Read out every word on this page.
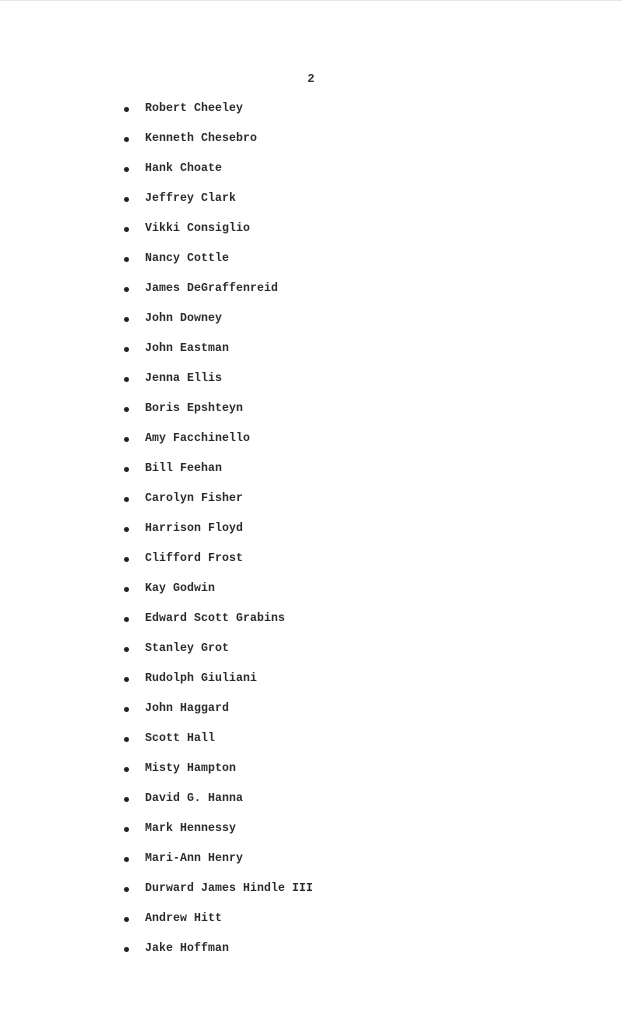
2
Robert Cheeley
Kenneth Chesebro
Hank Choate
Jeffrey Clark
Vikki Consiglio
Nancy Cottle
James DeGraffenreid
John Downey
John Eastman
Jenna Ellis
Boris Epshteyn
Amy Facchinello
Bill Feehan
Carolyn Fisher
Harrison Floyd
Clifford Frost
Kay Godwin
Edward Scott Grabins
Stanley Grot
Rudolph Giuliani
John Haggard
Scott Hall
Misty Hampton
David G. Hanna
Mark Hennessy
Mari-Ann Henry
Durward James Hindle III
Andrew Hitt
Jake Hoffman
